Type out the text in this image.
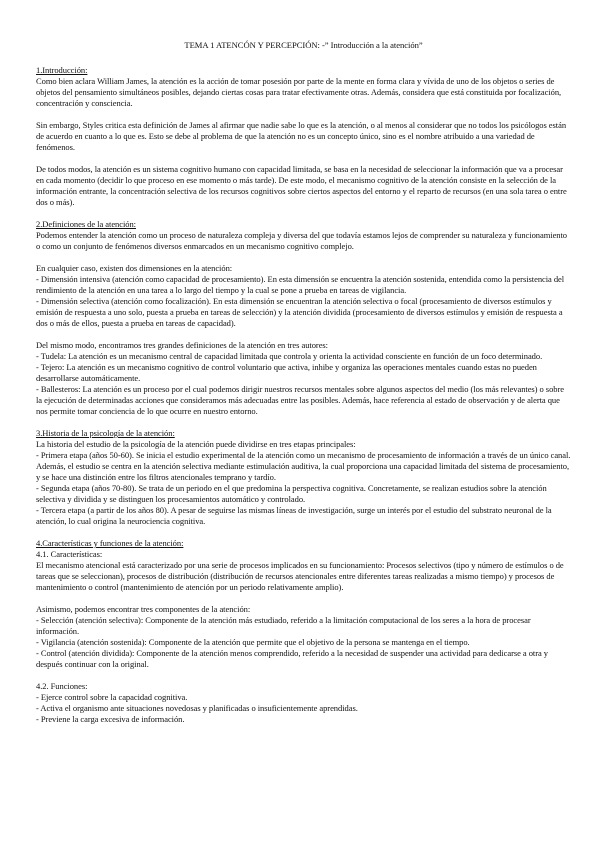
TEMA 1 ATENCÓN Y PERCEPCIÓN: -” Introducción a la atención”

1.Introducción:

Como bien aclara William James, la atención es la acción de tomar posesión por parte de la mente en forma clara y vívida de uno de los objetos o series de objetos del pensamiento simultáneos posibles, dejando ciertas cosas para tratar efectivamente otras. Además, considera que está constituida por focalización, concentración y consciencia.

Sin embargo, Styles critica esta definición de James al afirmar que nadie sabe lo que es la atención, o al menos al considerar que no todos los psicólogos están de acuerdo en cuanto a lo que es. Esto se debe al problema de que la atención no es un concepto único, sino es el nombre atribuido a una variedad de fenómenos.

De todos modos, la atención es un sistema cognitivo humano con capacidad limitada, se basa en la necesidad de seleccionar la información que va a procesar en cada momento (decidir lo que proceso en ese momento o más tarde). De este modo, el mecanismo cognitivo de la atención consiste en la selección de la información entrante, la concentración selectiva de los recursos cognitivos sobre ciertos aspectos del entorno y el reparto de recursos (en una sola tarea o entre dos o más).

2.Definiciones de la atención:

Podemos entender la atención como un proceso de naturaleza compleja y diversa del que todavía estamos lejos de comprender su naturaleza y funcionamiento o como un conjunto de fenómenos diversos enmarcados en un mecanismo cognitivo complejo.

En cualquier caso, existen dos dimensiones en la atención:

- Dimensión intensiva (atención como capacidad de procesamiento). En esta dimensión se encuentra la atención sostenida, entendida como la persistencia del rendimiento de la atención en una tarea a lo largo del tiempo y la cual se pone a prueba en tareas de vigilancia.

- Dimensión selectiva (atención como focalización). En esta dimensión se encuentran la atención selectiva o focal (procesamiento de diversos estímulos y emisión de respuesta a uno solo, puesta a prueba en tareas de selección) y la atención dividida (procesamiento de diversos estímulos y emisión de respuesta a dos o más de ellos, puesta a prueba en tareas de capacidad).

Del mismo modo, encontramos tres grandes definiciones de la atención en tres autores:

- Tudela: La atención es un mecanismo central de capacidad limitada que controla y orienta la actividad consciente en función de un foco determinado.

- Tejero: La atención es un mecanismo cognitivo de control voluntario que activa, inhibe y organiza las operaciones mentales cuando estas no pueden desarrollarse automáticamente.

- Ballesteros: La atención es un proceso por el cual podemos dirigir nuestros recursos mentales sobre algunos aspectos del medio (los más relevantes) o sobre la ejecución de determinadas acciones que consideramos más adecuadas entre las posibles. Además, hace referencia al estado de observación y de alerta que nos permite tomar conciencia de lo que ocurre en nuestro entorno.

3.Historia de la psicología de la atención:

La historia del estudio de la psicología de la atención puede dividirse en tres etapas principales:

- Primera etapa (años 50-60). Se inicia el estudio experimental de la atención como un mecanismo de procesamiento de información a través de un único canal. Además, el estudio se centra en la atención selectiva mediante estimulación auditiva, la cual proporciona una capacidad limitada del sistema de procesamiento, y se hace una distinción entre los filtros atencionales temprano y tardío.

- Segunda etapa (años 70-80). Se trata de un periodo en el que predomina la perspectiva cognitiva. Concretamente, se realizan estudios sobre la atención selectiva y dividida y se distinguen los procesamientos automático y controlado.

- Tercera etapa (a partir de los años 80). A pesar de seguirse las mismas líneas de investigación, surge un interés por el estudio del substrato neuronal de la atención, lo cual origina la neurociencia cognitiva.

4.Características y funciones de la atención:

4.1. Características:

El mecanismo atencional está caracterizado por una serie de procesos implicados en su funcionamiento: Procesos selectivos (tipo y número de estímulos o de tareas que se seleccionan), procesos de distribución (distribución de recursos atencionales entre diferentes tareas realizadas a mismo tiempo) y procesos de mantenimiento o control (mantenimiento de atención por un periodo relativamente amplio).

Asimismo, podemos encontrar tres componentes de la atención:

- Selección (atención selectiva): Componente de la atención más estudiado, referido a la limitación computacional de los seres a la hora de procesar información.

- Vigilancia (atención sostenida): Componente de la atención que permite que el objetivo de la persona se mantenga en el tiempo.

- Control (atención dividida): Componente de la atención menos comprendido, referido a la necesidad de suspender una actividad para dedicarse a otra y después continuar con la original.

4.2. Funciones:

- Ejerce control sobre la capacidad cognitiva.

- Activa el organismo ante situaciones novedosas y planificadas o insuficientemente aprendidas.

- Previene la carga excesiva de información.
